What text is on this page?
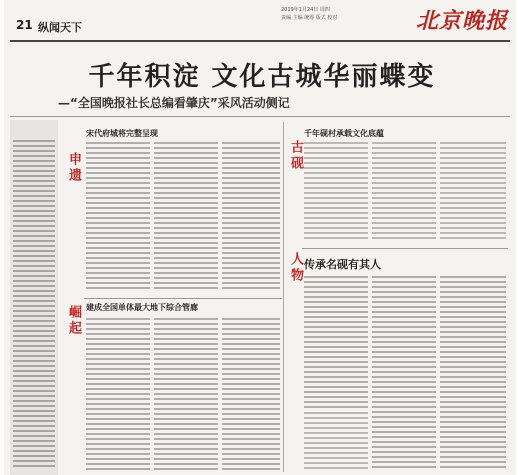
21 纵闻天下
2019年1月24日 周四
责编 主编 统筹 版式 校对	北京晚报
千年积淀 文化古城华丽蝶变
—“全国晚报社长总编看肇庆”采风活动侧记
申遗
崛起
古砚
人物
宋代府城将完整呈现
建成全国单体最大地下综合管廊
千年砚村承载文化底蕴
传承名砚有其人
